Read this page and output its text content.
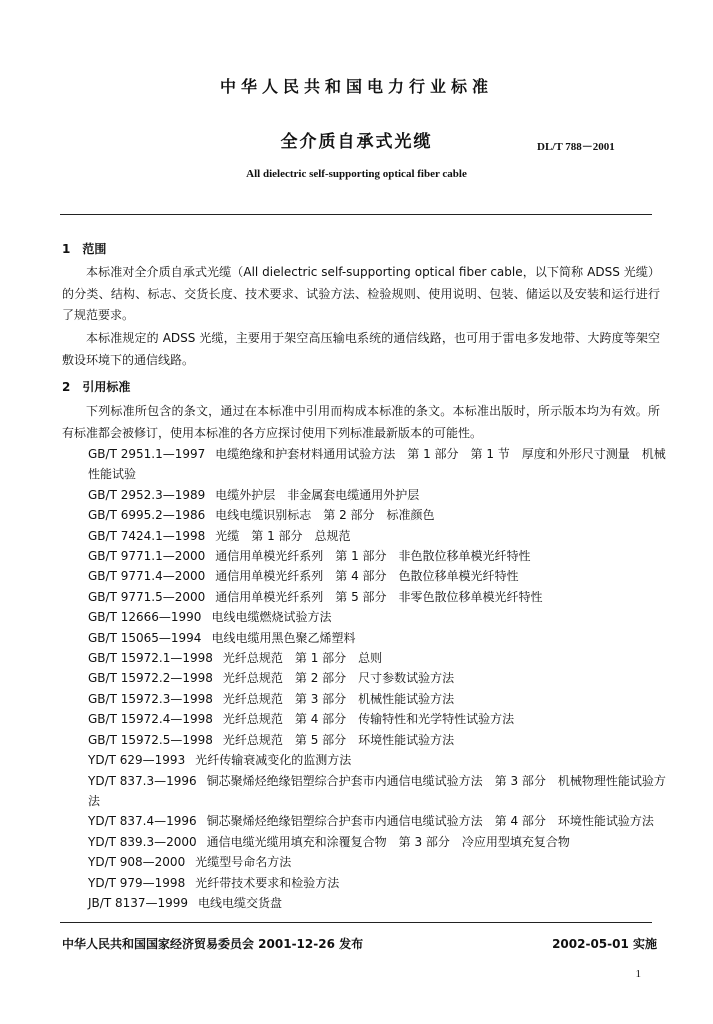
中华人民共和国电力行业标准
全介质自承式光缆	DL/T 788－2001
All dielectric self-supporting optical fiber cable
1　范围
本标准对全介质自承式光缆（All dielectric self-supporting optical fiber cable，以下简称 ADSS 光缆）的分类、结构、标志、交货长度、技术要求、试验方法、检验规则、使用说明、包装、储运以及安装和运行进行了规范要求。
本标准规定的 ADSS 光缆，主要用于架空高压输电系统的通信线路，也可用于雷电多发地带、大跨度等架空敷设环境下的通信线路。
2　引用标准
下列标准所包含的条文，通过在本标准中引用而构成本标准的条文。本标准出版时，所示版本均为有效。所有标准都会被修订，使用本标准的各方应探讨使用下列标准最新版本的可能性。
GB/T 2951.1—1997 电缆绝缘和护套材料通用试验方法　第 1 部分　第 1 节　厚度和外形尺寸测量　机械性能试验
GB/T 2952.3—1989 电缆外护层　非金属套电缆通用外护层
GB/T 6995.2—1986 电线电缆识别标志　第 2 部分　标准颜色
GB/T 7424.1—1998 光缆　第 1 部分　总规范
GB/T 9771.1—2000 通信用单模光纤系列　第 1 部分　非色散位移单模光纤特性
GB/T 9771.4—2000 通信用单模光纤系列　第 4 部分　色散位移单模光纤特性
GB/T 9771.5—2000 通信用单模光纤系列　第 5 部分　非零色散位移单模光纤特性
GB/T 12666—1990 电线电缆燃烧试验方法
GB/T 15065—1994 电线电缆用黑色聚乙烯塑料
GB/T 15972.1—1998 光纤总规范　第 1 部分　总则
GB/T 15972.2—1998 光纤总规范　第 2 部分　尺寸参数试验方法
GB/T 15972.3—1998 光纤总规范　第 3 部分　机械性能试验方法
GB/T 15972.4—1998 光纤总规范　第 4 部分　传输特性和光学特性试验方法
GB/T 15972.5—1998 光纤总规范　第 5 部分　环境性能试验方法
YD/T 629—1993 光纤传输衰减变化的监测方法
YD/T 837.3—1996 铜芯聚烯烃绝缘铝塑综合护套市内通信电缆试验方法　第 3 部分　机械物理性能试验方法
YD/T 837.4—1996 铜芯聚烯烃绝缘铝塑综合护套市内通信电缆试验方法　第 4 部分　环境性能试验方法
YD/T 839.3—2000 通信电缆光缆用填充和涂覆复合物　第 3 部分　冷应用型填充复合物
YD/T 908—2000 光缆型号命名方法
YD/T 979—1998 光纤带技术要求和检验方法
JB/T 8137—1999 电线电缆交货盘
中华人民共和国国家经济贸易委员会 2001-12-26 发布	2002-05-01 实施
1
